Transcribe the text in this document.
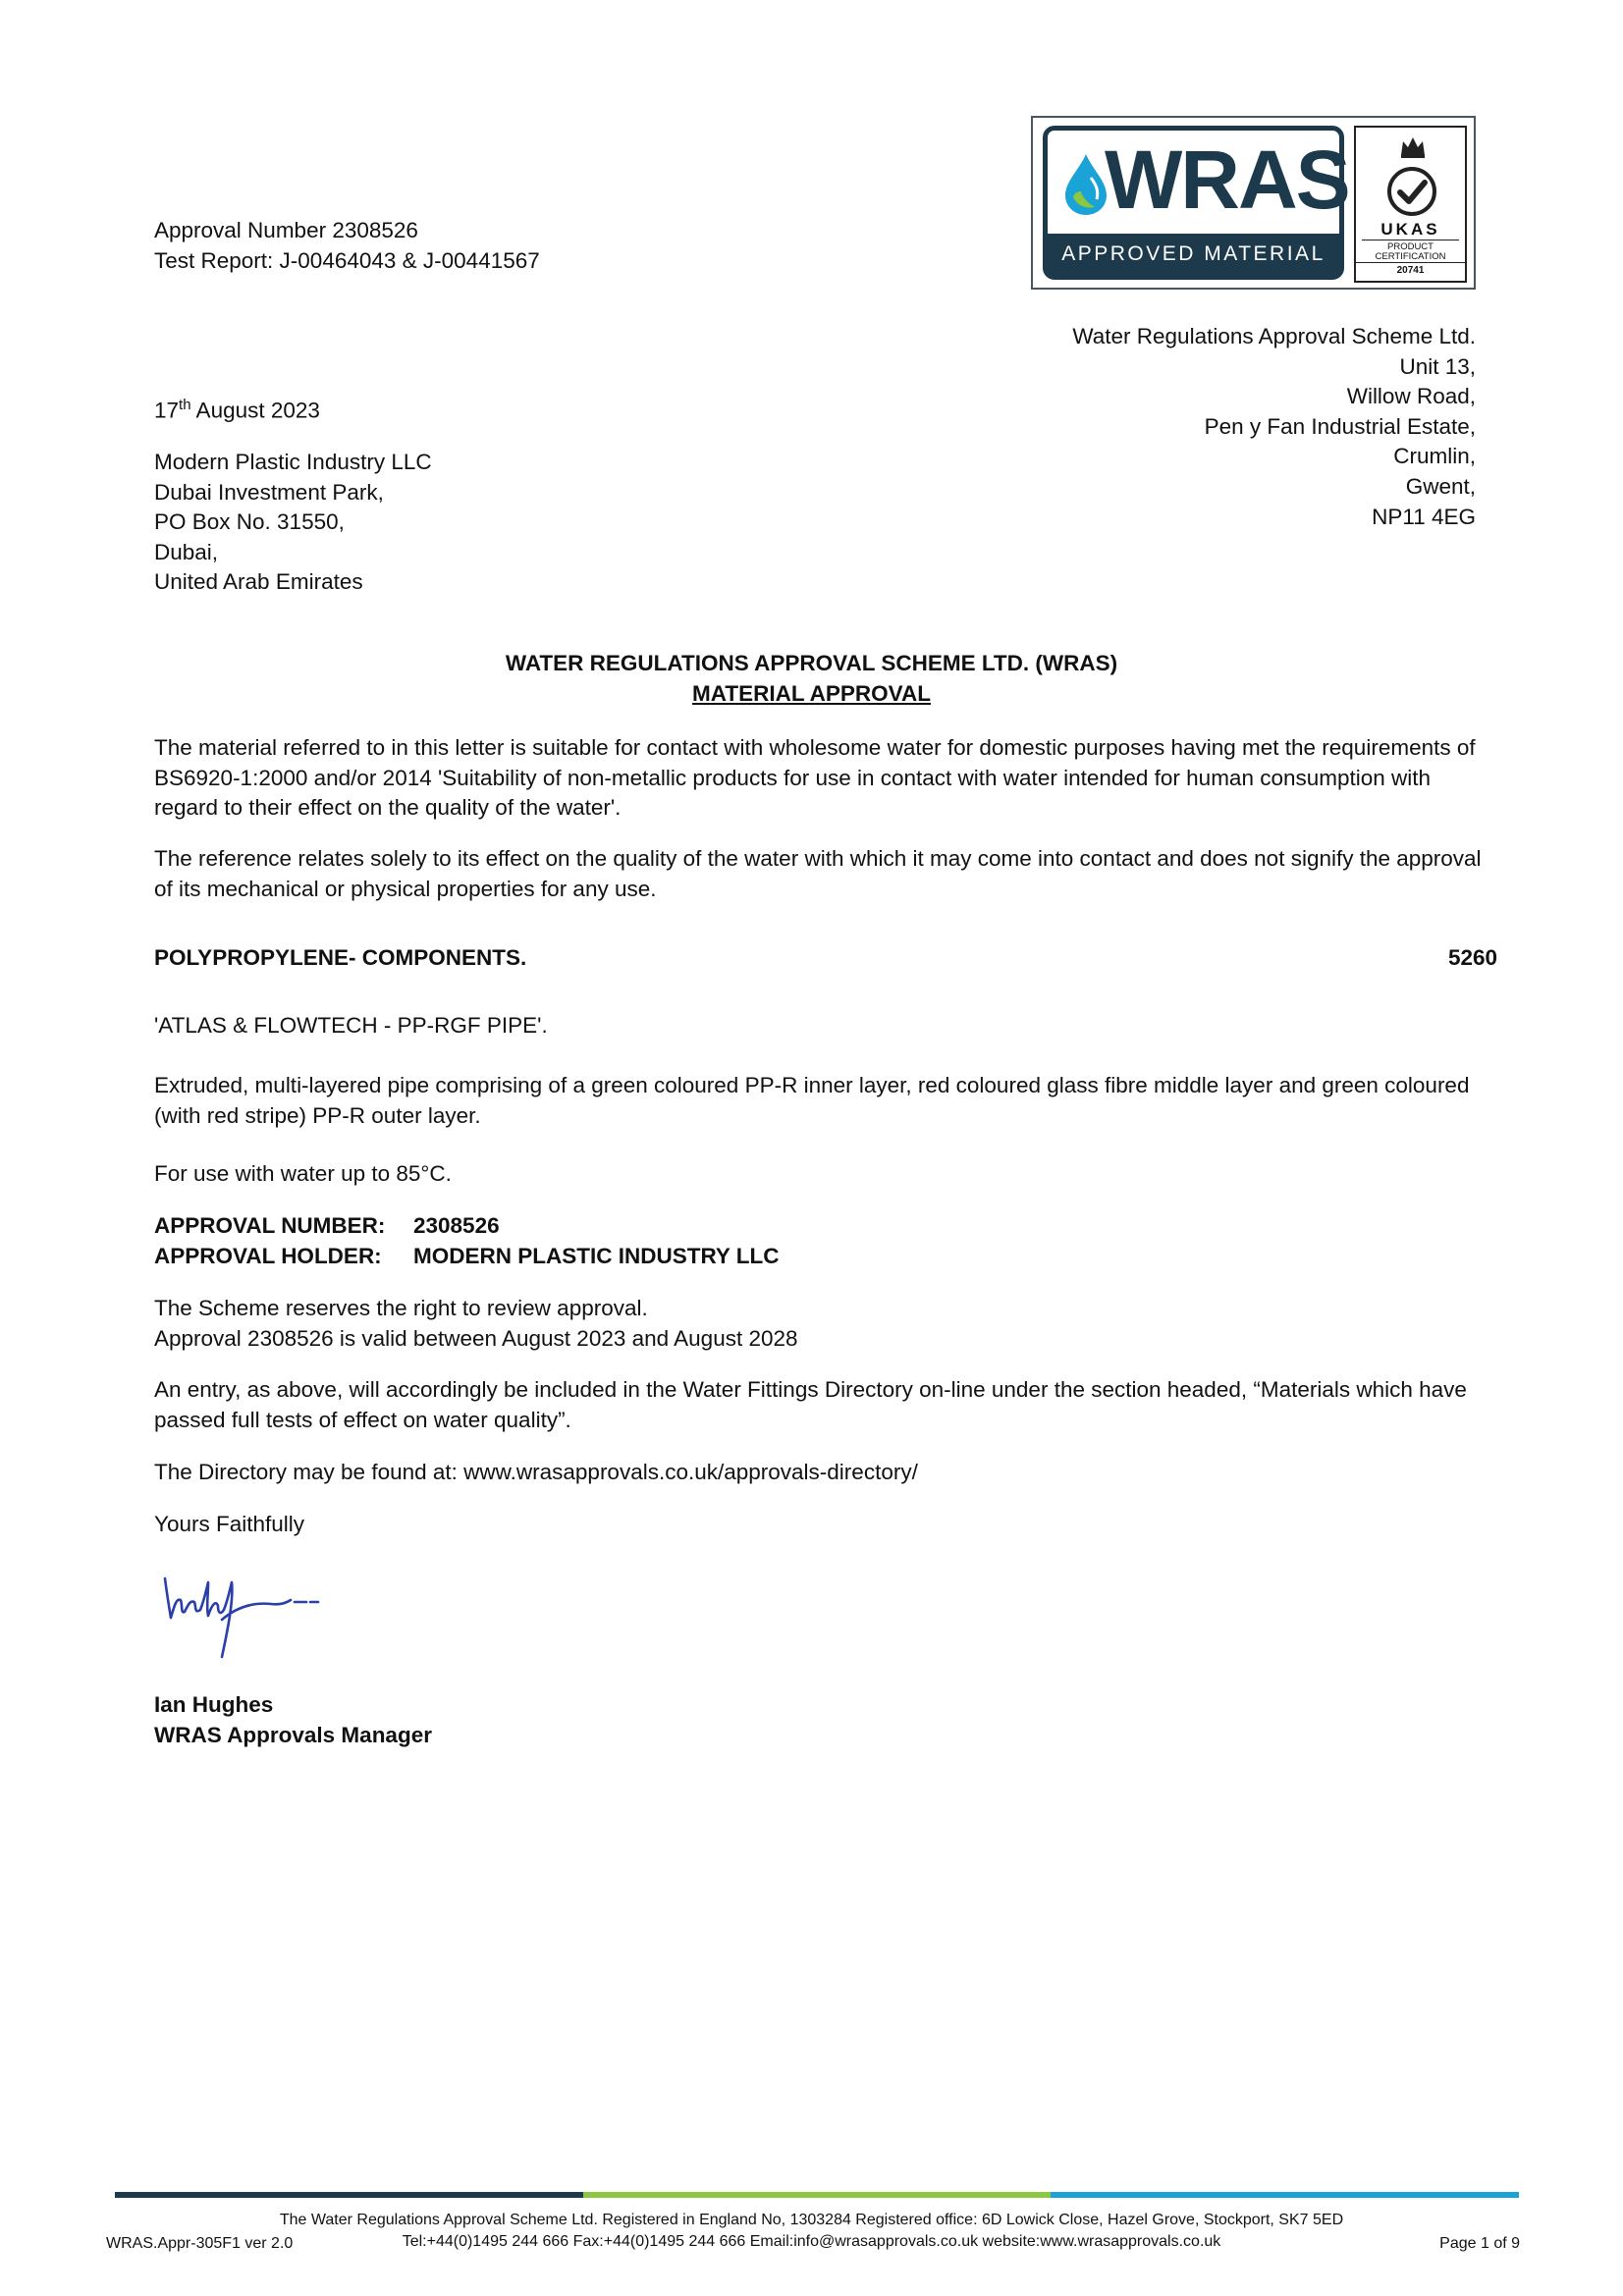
Approval Number 2308526

Test Report: J-00464043 & J-00441567

WRAS
APPROVED MATERIAL
UKAS
PRODUCT
CERTIFICATION
20741

Water Regulations Approval Scheme Ltd.

Unit 13,

Willow Road,

Pen y Fan Industrial Estate,

Crumlin,

Gwent,

NP11 4EG

17th August 2023

Modern Plastic Industry LLC

Dubai Investment Park,

PO Box No. 31550,

Dubai,

United Arab Emirates

WATER REGULATIONS APPROVAL SCHEME LTD. (WRAS)

MATERIAL APPROVAL

The material referred to in this letter is suitable for contact with wholesome water for domestic purposes having met the requirements of BS6920-1:2000 and/or 2014 'Suitability of non-metallic products for use in contact with water intended for human consumption with regard to their effect on the quality of the water'.

The reference relates solely to its effect on the quality of the water with which it may come into contact and does not signify the approval of its mechanical or physical properties for any use.

POLYPROPYLENE- COMPONENTS.	5260

'ATLAS & FLOWTECH - PP-RGF PIPE'.

Extruded, multi-layered pipe comprising of a green coloured PP-R inner layer, red coloured glass fibre middle layer and green coloured (with red stripe) PP-R outer layer.

For use with water up to 85°C.

APPROVAL NUMBER: 2308526

APPROVAL HOLDER: MODERN PLASTIC INDUSTRY LLC

The Scheme reserves the right to review approval.

Approval 2308526 is valid between August 2023 and August 2028

An entry, as above, will accordingly be included in the Water Fittings Directory on-line under the section headed, “Materials which have passed full tests of effect on water quality”.

The Directory may be found at: www.wrasapprovals.co.uk/approvals-directory/

Yours Faithfully

Ian Hughes

WRAS Approvals Manager

The Water Regulations Approval Scheme Ltd. Registered in England No, 1303284 Registered office: 6D Lowick Close, Hazel Grove, Stockport, SK7 5ED

WRAS.Appr-305F1 ver 2.0	Tel:+44(0)1495 244 666 Fax:+44(0)1495 244 666 Email:info@wrasapprovals.co.uk website:www.wrasapprovals.co.uk	Page 1 of 9
